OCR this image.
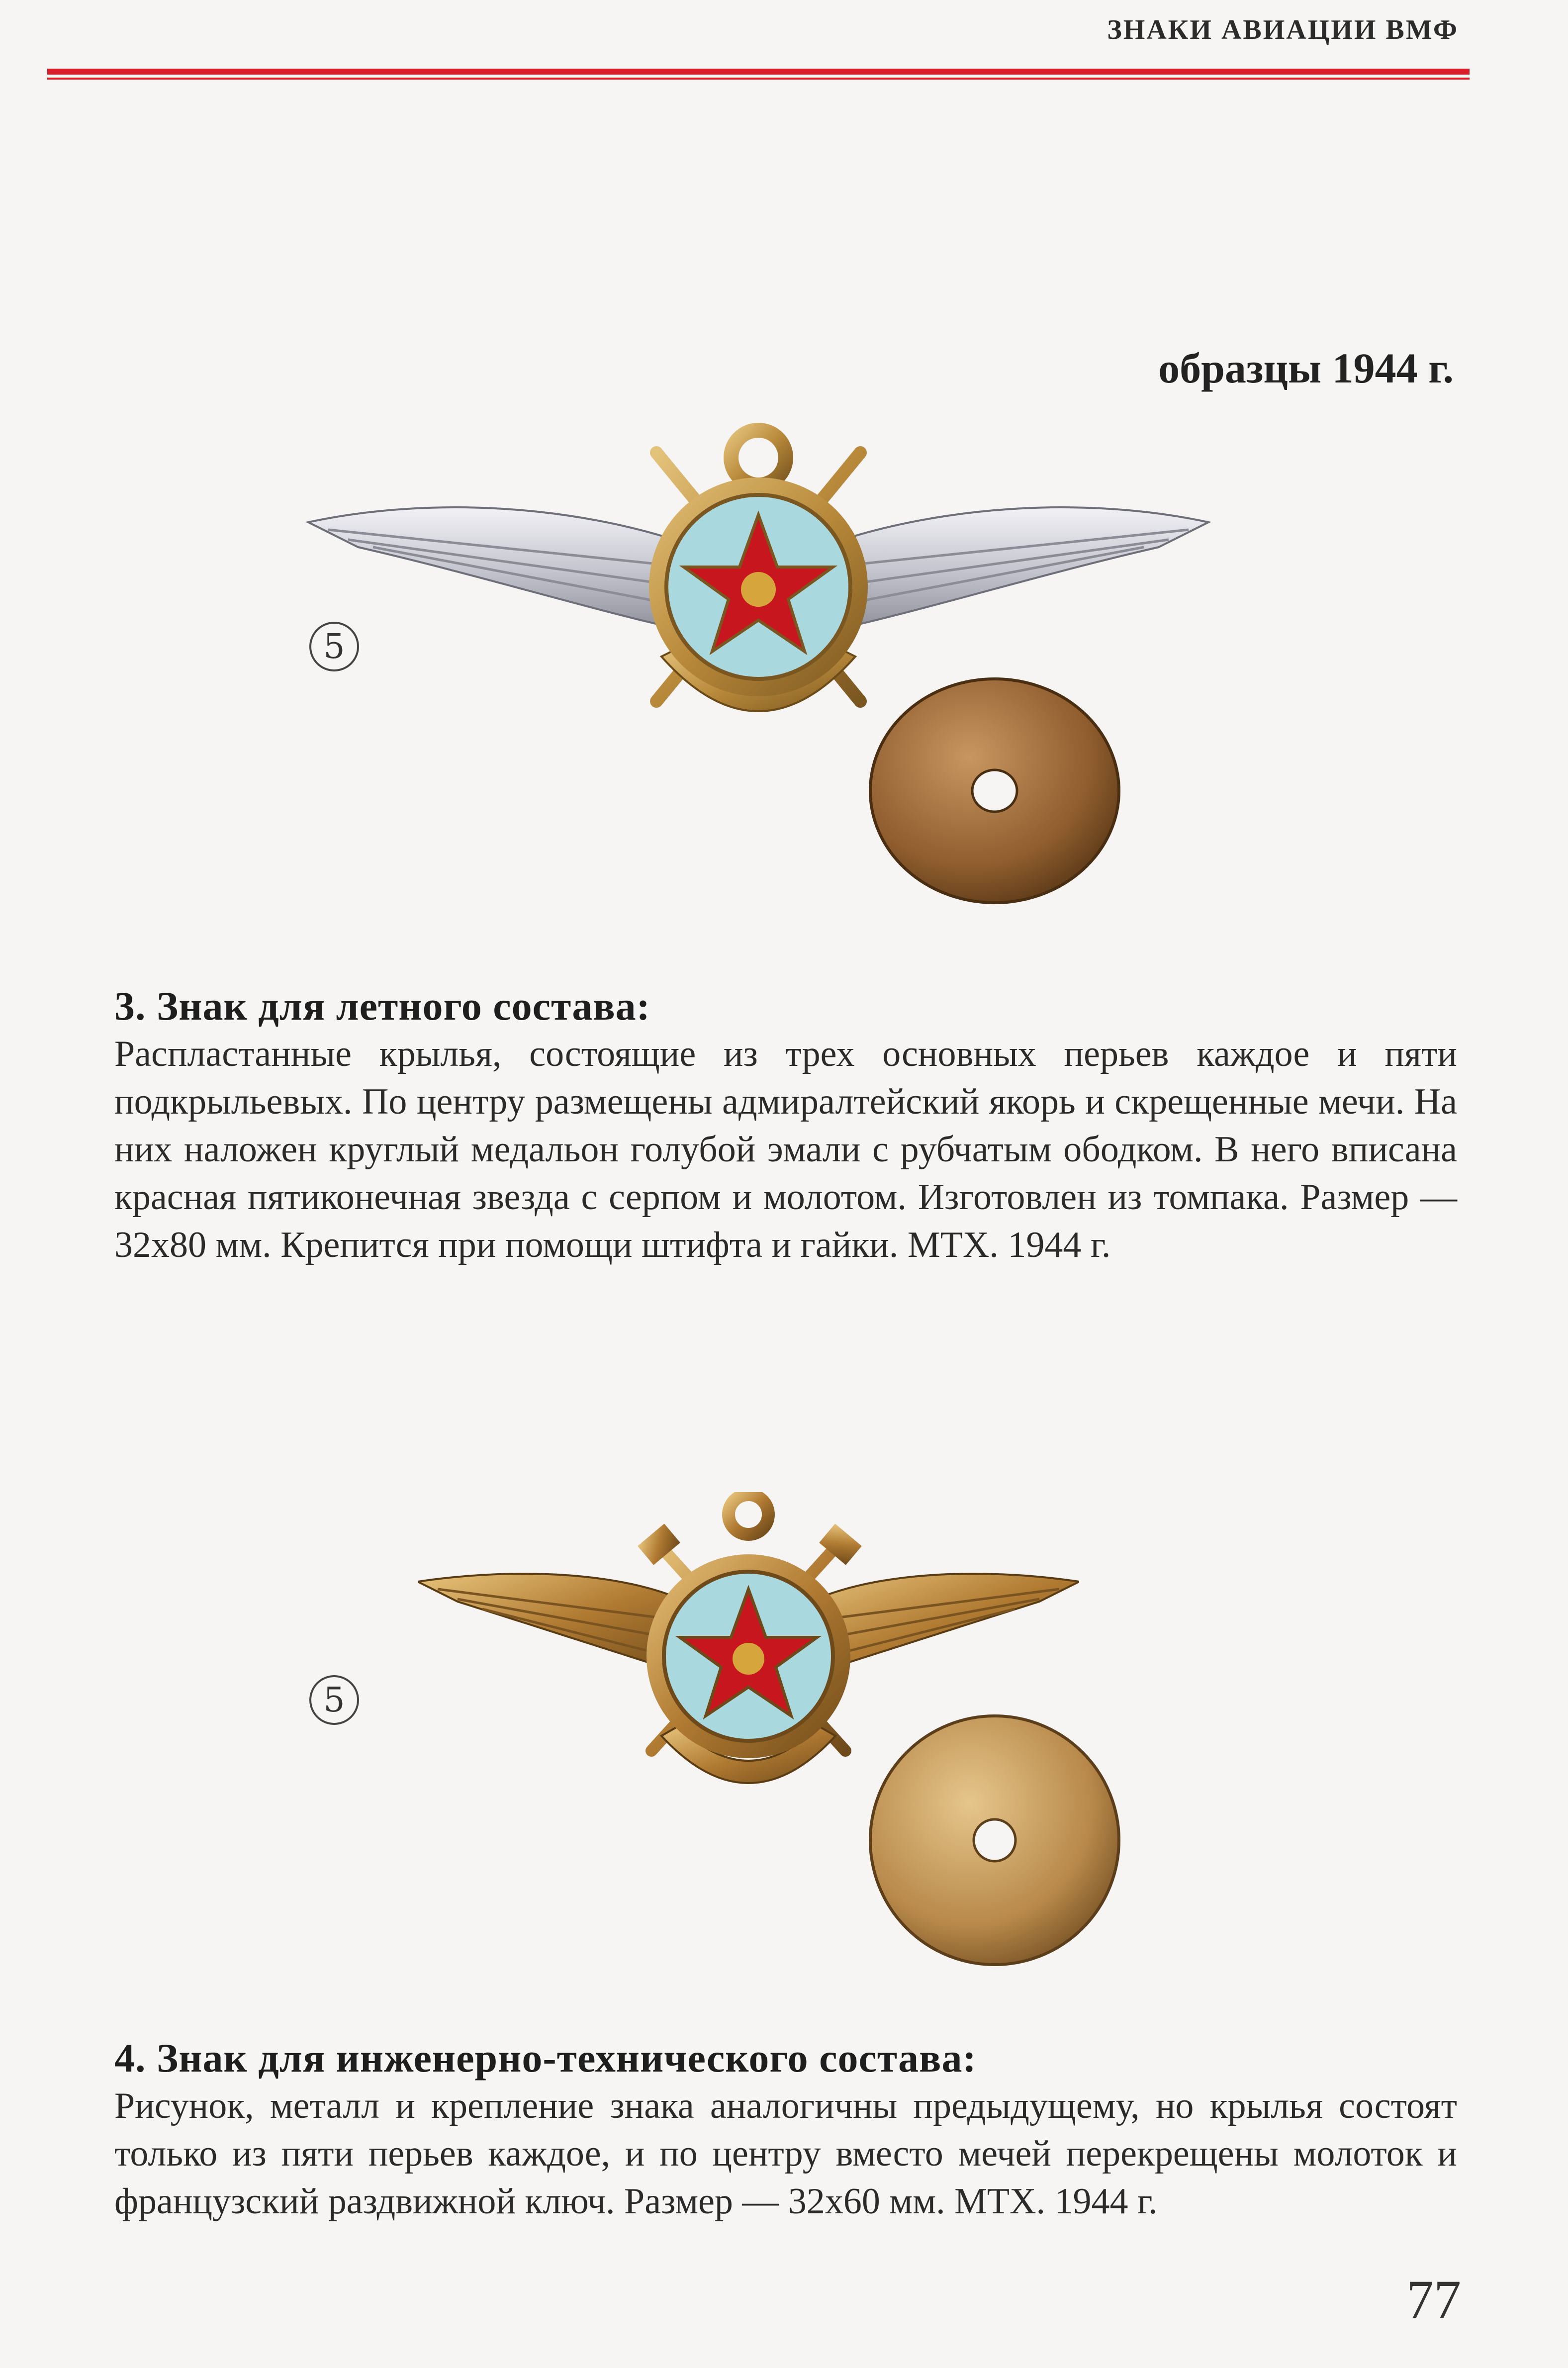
ЗНАКИ АВИАЦИИ ВМФ
образцы 1944 г.
5
3. Знак для летного состава:

Распластанные крылья, состоящие из трех основных перьев каждое и пяти подкрыльевых. По центру размещены адмиралтейский якорь и скрещенные мечи. На них наложен круглый медальон голубой эмали с рубчатым ободком. В него вписана красная пятиконечная звезда с серпом и молотом. Изготовлен из томпака. Размер — 32х80 мм. Крепится при помощи штифта и гайки. МТХ. 1944 г.

5
4. Знак для инженерно-технического состава:

Рисунок, металл и крепление знака аналогичны предыдущему, но крылья состоят только из пяти перьев каждое, и по центру вместо мечей перекрещены молоток и французский раздвижной ключ. Размер — 32х60 мм. МТХ. 1944 г.

77
